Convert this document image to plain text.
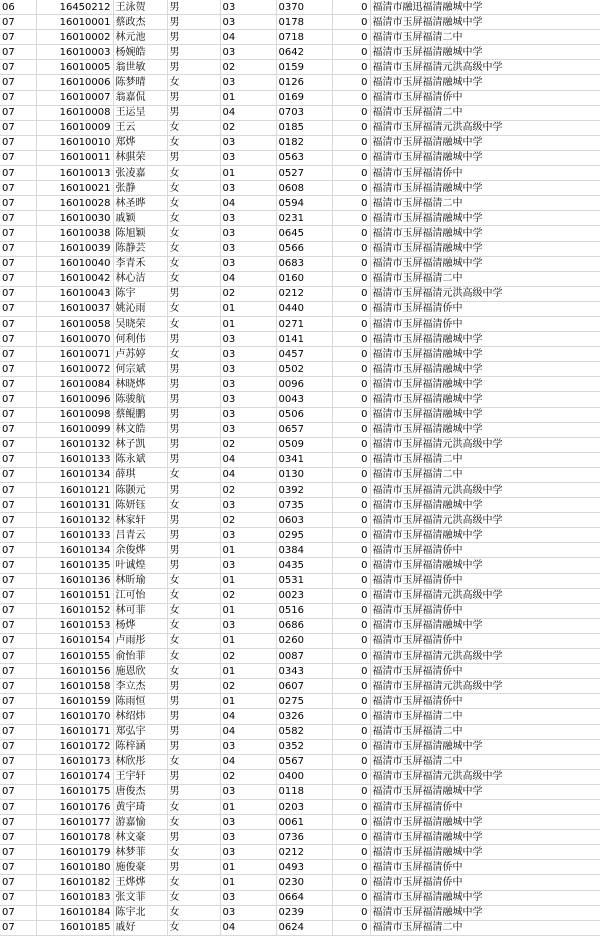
06	16450212	王泳贺	男	03	0370	0	福清市融迅福清融城中学
07	16010001	蔡政杰	男	03	0178	0	福清市玉屏福清融城中学
07	16010002	林元池	男	04	0718	0	福清市玉屏福清二中
07	16010003	杨婉皓	男	03	0642	0	福清市玉屏福清融城中学
07	16010005	翁世敏	男	02	0159	0	福清市玉屏福清元洪高级中学
07	16010006	陈梦晴	女	03	0126	0	福清市玉屏福清融城中学
07	16010007	翁嘉侃	男	01	0169	0	福清市玉屏福清侨中
07	16010008	王运呈	男	04	0703	0	福清市玉屏福清二中
07	16010009	王云	女	02	0185	0	福清市玉屏福清元洪高级中学
07	16010010	郑烨	女	03	0182	0	福清市玉屏福清融城中学
07	16010011	林骐荣	男	03	0563	0	福清市玉屏福清融城中学
07	16010013	张凌嘉	女	01	0527	0	福清市玉屏福清侨中
07	16010021	张静	女	03	0608	0	福清市玉屏福清融城中学
07	16010028	林圣晔	女	04	0594	0	福清市玉屏福清二中
07	16010030	戚颖	女	03	0231	0	福清市玉屏福清融城中学
07	16010038	陈旭颖	女	03	0645	0	福清市玉屏福清融城中学
07	16010039	陈静芸	女	03	0566	0	福清市玉屏福清融城中学
07	16010040	李青禾	女	03	0683	0	福清市玉屏福清融城中学
07	16010042	林心洁	女	04	0160	0	福清市玉屏福清二中
07	16010043	陈宇	男	02	0212	0	福清市玉屏福清元洪高级中学
07	16010037	姚沁雨	女	01	0440	0	福清市玉屏福清侨中
07	16010058	吴晓荣	女	01	0271	0	福清市玉屏福清侨中
07	16010070	何利伟	男	03	0141	0	福清市玉屏福清融城中学
07	16010071	卢苏婷	女	03	0457	0	福清市玉屏福清融城中学
07	16010072	何宗斌	男	03	0502	0	福清市玉屏福清融城中学
07	16010084	林晓烨	男	03	0096	0	福清市玉屏福清融城中学
07	16010096	陈骏航	男	03	0043	0	福清市玉屏福清融城中学
07	16010098	蔡鲲鹏	男	03	0506	0	福清市玉屏福清融城中学
07	16010099	林文皓	男	03	0657	0	福清市玉屏福清融城中学
07	16010132	林子凯	男	02	0509	0	福清市玉屏福清元洪高级中学
07	16010133	陈永斌	男	04	0341	0	福清市玉屏福清二中
07	16010134	薛琪	女	04	0130	0	福清市玉屏福清二中
07	16010121	陈颢元	男	02	0392	0	福清市玉屏福清元洪高级中学
07	16010131	陈妍钰	女	03	0735	0	福清市玉屏福清融城中学
07	16010132	林家轩	男	02	0603	0	福清市玉屏福清元洪高级中学
07	16010133	吕青云	男	03	0295	0	福清市玉屏福清融城中学
07	16010134	余俊烨	男	01	0384	0	福清市玉屏福清侨中
07	16010135	叶诚煌	男	03	0435	0	福清市玉屏福清融城中学
07	16010136	林昕瑜	女	01	0531	0	福清市玉屏福清侨中
07	16010151	江可怡	女	02	0023	0	福清市玉屏福清元洪高级中学
07	16010152	林可菲	女	01	0516	0	福清市玉屏福清侨中
07	16010153	杨烨	女	03	0686	0	福清市玉屏福清融城中学
07	16010154	卢雨彤	女	01	0260	0	福清市玉屏福清侨中
07	16010155	俞怡菲	女	02	0087	0	福清市玉屏福清元洪高级中学
07	16010156	施恩欣	女	01	0343	0	福清市玉屏福清侨中
07	16010158	李立杰	男	02	0607	0	福清市玉屏福清元洪高级中学
07	16010159	陈雨恒	男	01	0275	0	福清市玉屏福清侨中
07	16010170	林绍炜	男	04	0326	0	福清市玉屏福清二中
07	16010171	郑弘宇	男	04	0582	0	福清市玉屏福清二中
07	16010172	陈梓涵	男	03	0352	0	福清市玉屏福清融城中学
07	16010173	林欣彤	女	04	0567	0	福清市玉屏福清二中
07	16010174	王宇轩	男	02	0400	0	福清市玉屏福清元洪高级中学
07	16010175	唐俊杰	男	03	0118	0	福清市玉屏福清融城中学
07	16010176	黄宇琦	女	01	0203	0	福清市玉屏福清侨中
07	16010177	游嘉愉	女	03	0061	0	福清市玉屏福清融城中学
07	16010178	林文豪	男	03	0736	0	福清市玉屏福清融城中学
07	16010179	林梦菲	女	03	0212	0	福清市玉屏福清融城中学
07	16010180	施俊豪	男	01	0493	0	福清市玉屏福清侨中
07	16010182	王烨烨	女	01	0230	0	福清市玉屏福清侨中
07	16010183	张文菲	女	03	0664	0	福清市玉屏福清融城中学
07	16010184	陈宇北	女	03	0239	0	福清市玉屏福清融城中学
07	16010185	戚好	女	04	0624	0	福清市玉屏福清二中
